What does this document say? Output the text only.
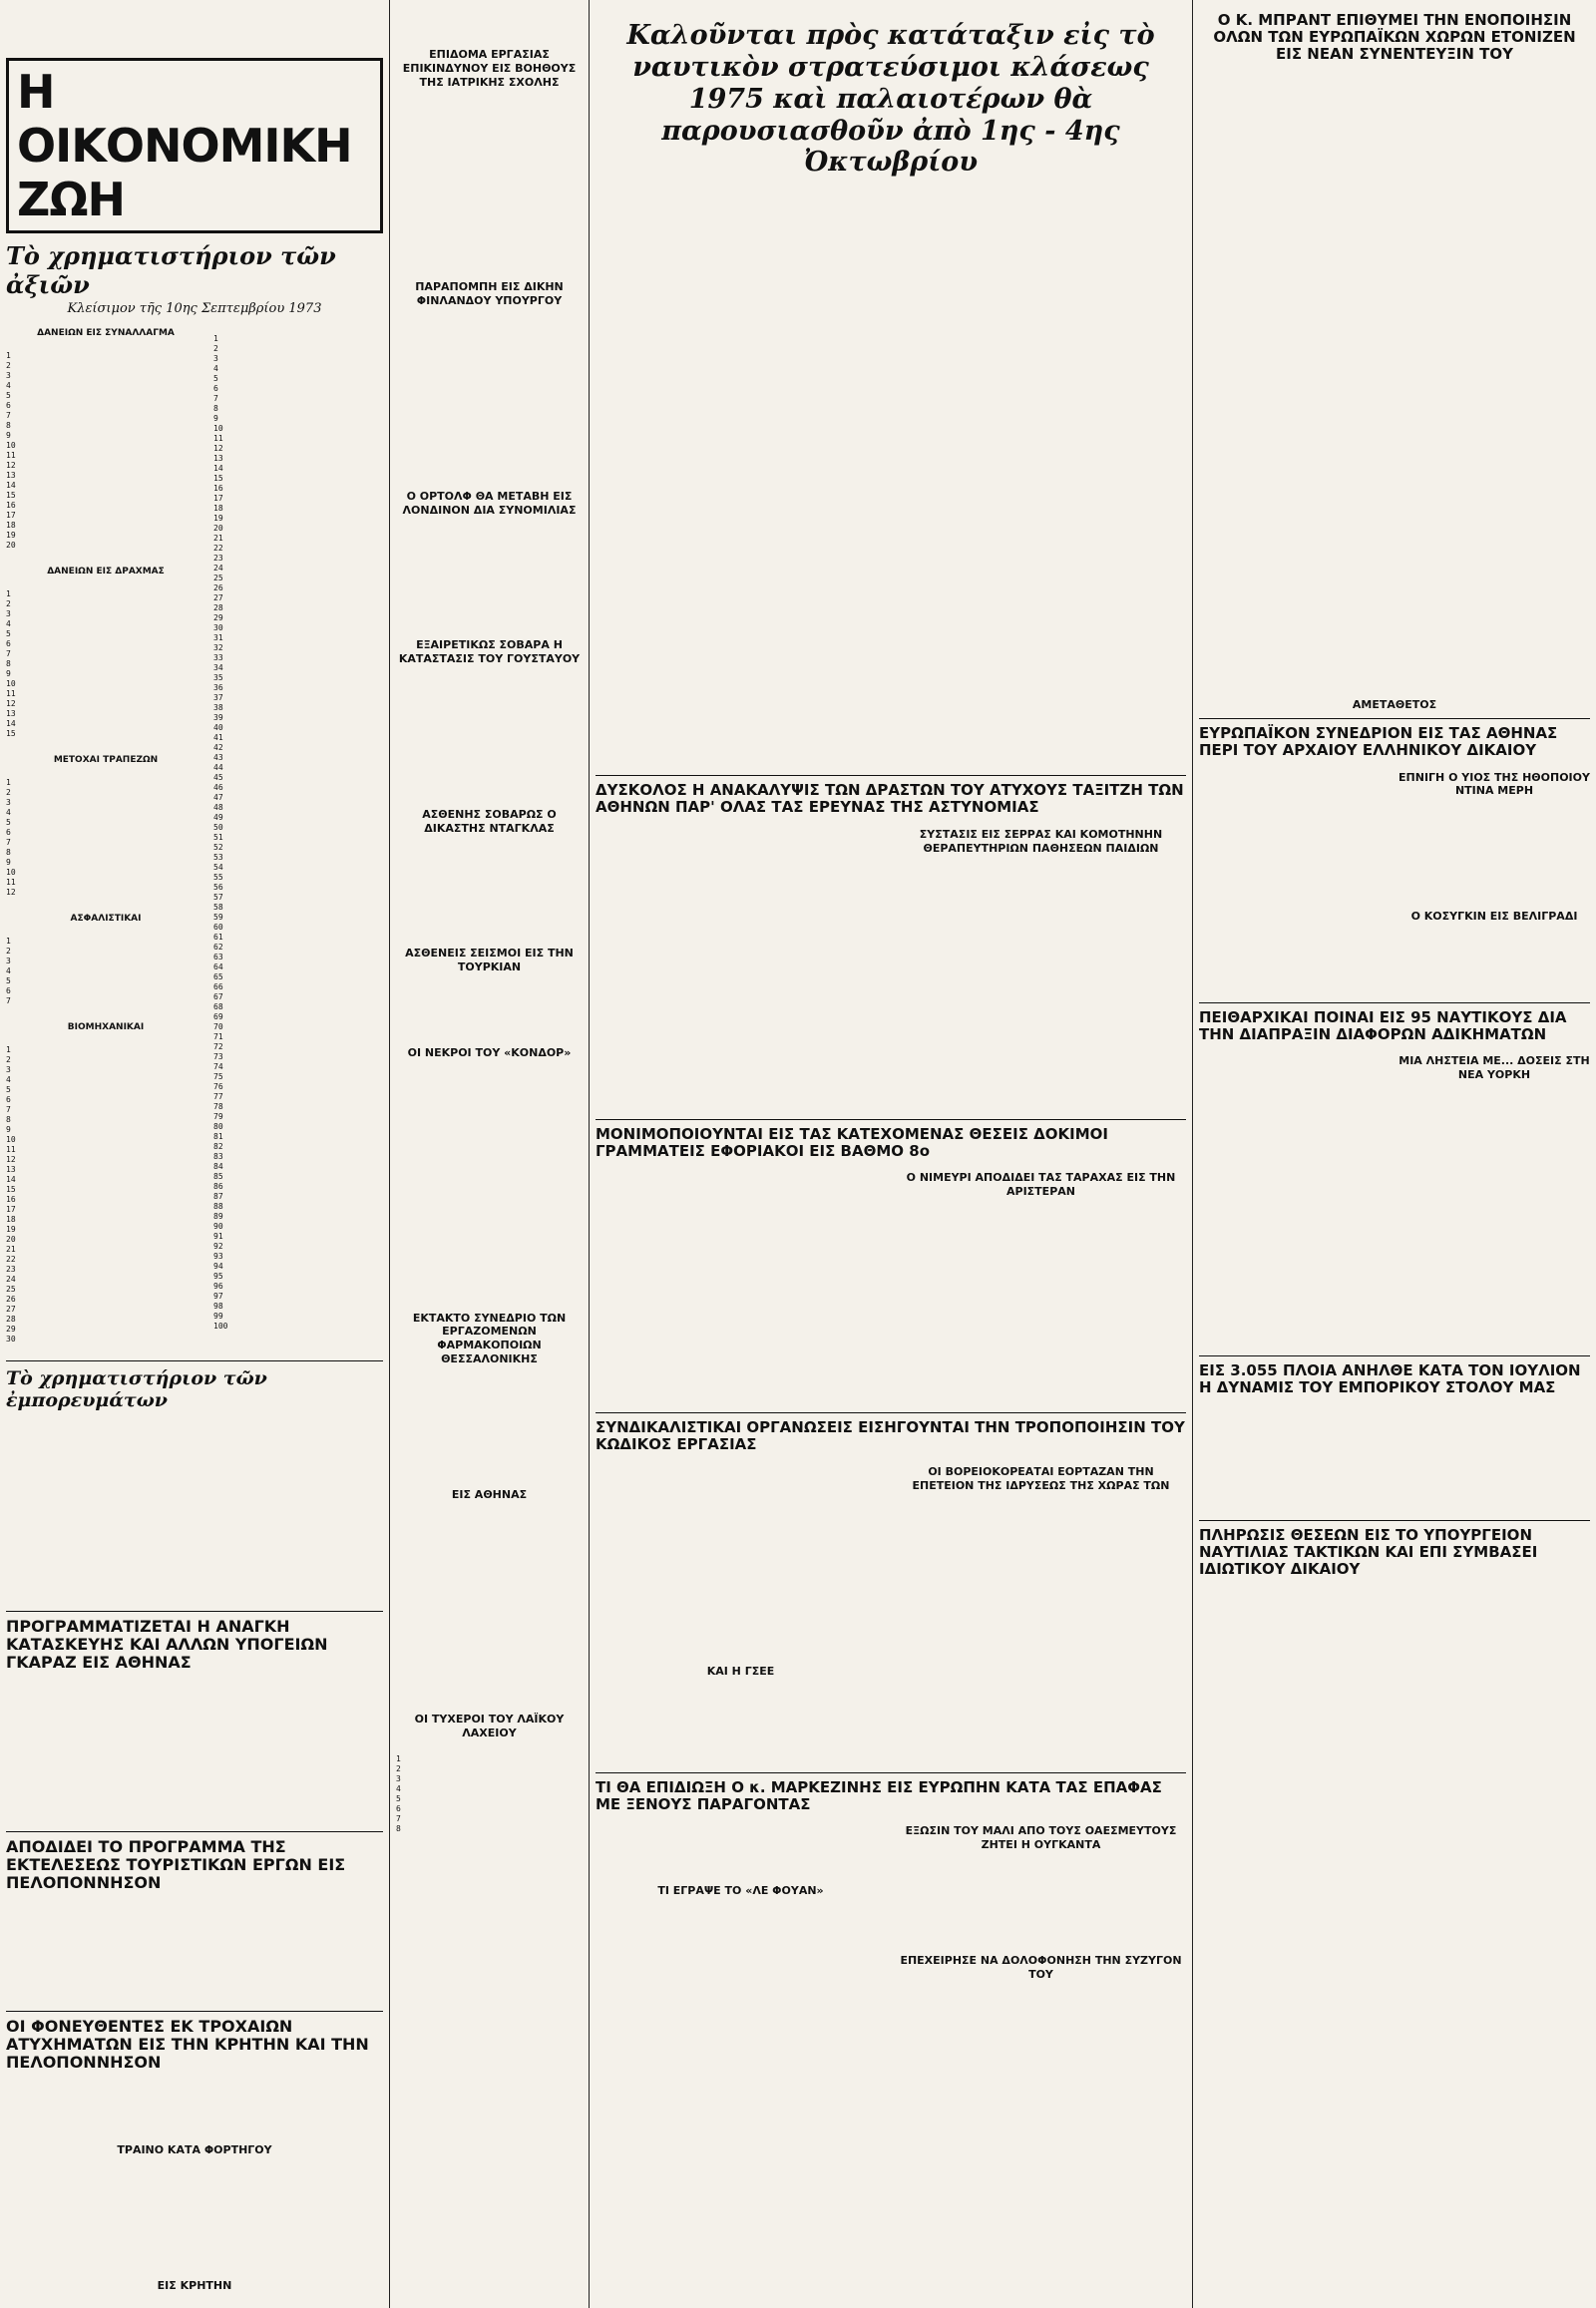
Η ΟΙΚΟΝΟΜΙΚΗ ΖΩΗ
Τὸ χρηματιστήριον τῶν ἀξιῶν
Κλείσιμον τῆς 10ης Σεπτεμβρίου 1973
ΔΑΝΕΙΩΝ ΕΙΣ ΣΥΝΑΛΛΑΓΜΑ

1
2
3
4
5
6
7
8
9
10
11
12
13
14
15
16
17
18
19
20

ΔΑΝΕΙΩΝ ΕΙΣ ΔΡΑΧΜΑΣ

1
2
3
4
5
6
7
8
9
10
11
12
13
14
15

ΜΕΤΟΧΑΙ ΤΡΑΠΕΖΩΝ

1
2
3
4
5
6
7
8
9
10
11
12

ΑΣΦΑΛΙΣΤΙΚΑΙ

1
2
3
4
5
6
7

ΒΙΟΜΗΧΑΝΙΚΑΙ

1
2
3
4
5
6
7
8
9
10
11
12
13
14
15
16
17
18
19
20
21
22
23
24
25
26
27
28
29
30

1
2
3
4
5
6
7
8
9
10
11
12
13
14
15
16
17
18
19
20
21
22
23
24
25
26
27
28
29
30
31
32
33
34
35
36
37
38
39
40
41
42
43
44
45
46
47
48
49
50
51
52
53
54
55
56
57
58
59
60
61
62
63
64
65
66
67
68
69
70
71
72
73
74
75
76
77
78
79
80
81
82
83
84
85
86
87
88
89
90
91
92
93
94
95
96
97
98
99
100

Τὸ χρηματιστήριον τῶν ἐμπορευμάτων
ΠΡΟΓΡΑΜΜΑΤΙΖΕΤΑΙ Η ΑΝΑΓΚΗ ΚΑΤΑΣΚΕΥΗΣ ΚΑΙ ΑΛΛΩΝ ΥΠΟΓΕΙΩΝ ΓΚΑΡΑΖ ΕΙΣ ΑΘΗΝΑΣ
ΑΠΟΔΙΔΕΙ ΤΟ ΠΡΟΓΡΑΜΜΑ ΤΗΣ ΕΚΤΕΛΕΣΕΩΣ ΤΟΥΡΙΣΤΙΚΩΝ ΕΡΓΩΝ ΕΙΣ ΠΕΛΟΠΟΝΝΗΣΟΝ
ΟΙ ΦΟΝΕΥΘΕΝΤΕΣ ΕΚ ΤΡΟΧΑΙΩΝ ΑΤΥΧΗΜΑΤΩΝ ΕΙΣ ΤΗΝ ΚΡΗΤΗΝ ΚΑΙ ΤΗΝ ΠΕΛΟΠΟΝΝΗΣΟΝ
ΤΡΑΙΝΟ ΚΑΤΑ ΦΟΡΤΗΓΟΥ
ΕΙΣ ΚΡΗΤΗΝ
ΕΠΙΔΟΜΑ ΕΡΓΑΣΙΑΣ ΕΠΙΚΙΝΔΥΝΟΥ ΕΙΣ ΒΟΗΘΟΥΣ ΤΗΣ ΙΑΤΡΙΚΗΣ ΣΧΟΛΗΣ
ΠΑΡΑΠΟΜΠΗ ΕΙΣ ΔΙΚΗΝ ΦΙΝΛΑΝΔΟΥ ΥΠΟΥΡΓΟΥ
Ο ΟΡΤΟΛΦ ΘΑ ΜΕΤΑΒΗ ΕΙΣ ΛΟΝΔΙΝΟΝ ΔΙΑ ΣΥΝΟΜΙΛΙΑΣ
ΕΞΑΙΡΕΤΙΚΩΣ ΣΟΒΑΡΑ Η ΚΑΤΑΣΤΑΣΙΣ ΤΟΥ ΓΟΥΣΤΑΥΟΥ
ΑΣΘΕΝΗΣ ΣΟΒΑΡΩΣ Ο ΔΙΚΑΣΤΗΣ ΝΤΑΓΚΛΑΣ
ΑΣΘΕΝΕΙΣ ΣΕΙΣΜΟΙ ΕΙΣ ΤΗΝ ΤΟΥΡΚΙΑΝ
ΟΙ ΝΕΚΡΟΙ ΤΟΥ «ΚΟΝΔΟΡ»
ΕΚΤΑΚΤΟ ΣΥΝΕΔΡΙΟ ΤΩΝ ΕΡΓΑΖΟΜΕΝΩΝ ΦΑΡΜΑΚΟΠΟΙΩΝ ΘΕΣΣΑΛΟΝΙΚΗΣ
ΕΙΣ ΑΘΗΝΑΣ
ΟΙ ΤΥΧΕΡΟΙ ΤΟΥ ΛΑΪΚΟΥ ΛΑΧΕΙΟΥ

1
2
3
4
5
6
7
8

Καλοῦνται πρὸς κατάταξιν εἰς τὸ ναυτικὸν στρατεύσιμοι κλάσεως 1975 καὶ παλαιοτέρων θὰ παρουσιασθοῦν ἀπὸ 1ης - 4ης Ὀκτωβρίου
ΔΥΣΚΟΛΟΣ Η ΑΝΑΚΑΛΥΨΙΣ ΤΩΝ ΔΡΑΣΤΩΝ ΤΟΥ ΑΤΥΧΟΥΣ ΤΑΞΙΤΖΗ ΤΩΝ ΑΘΗΝΩΝ ΠΑΡ' ΟΛΑΣ ΤΑΣ ΕΡΕΥΝΑΣ ΤΗΣ ΑΣΤΥΝΟΜΙΑΣ
ΣΥΣΤΑΣΙΣ ΕΙΣ ΣΕΡΡΑΣ ΚΑΙ ΚΟΜΟΤΗΝΗΝ ΘΕΡΑΠΕΥΤΗΡΙΩΝ ΠΑΘΗΣΕΩΝ ΠΑΙΔΙΩΝ
ΜΟΝΙΜΟΠΟΙΟΥΝΤΑΙ ΕΙΣ ΤΑΣ ΚΑΤΕΧΟΜΕΝΑΣ ΘΕΣΕΙΣ ΔΟΚΙΜΟΙ ΓΡΑΜΜΑΤΕΙΣ ΕΦΟΡΙΑΚΟΙ ΕΙΣ ΒΑΘΜΟ 8ο
Ο ΝΙΜΕΥΡΙ ΑΠΟΔΙΔΕΙ ΤΑΣ ΤΑΡΑΧΑΣ ΕΙΣ ΤΗΝ ΑΡΙΣΤΕΡΑΝ
ΣΥΝΔΙΚΑΛΙΣΤΙΚΑΙ ΟΡΓΑΝΩΣΕΙΣ ΕΙΣΗΓΟΥΝΤΑΙ ΤΗΝ ΤΡΟΠΟΠΟΙΗΣΙΝ ΤΟΥ ΚΩΔΙΚΟΣ ΕΡΓΑΣΙΑΣ
ΚΑΙ Η ΓΣΕΕ
ΟΙ ΒΟΡΕΙΟΚΟΡΕΑΤΑΙ ΕΟΡΤΑΖΑΝ ΤΗΝ ΕΠΕΤΕΙΟΝ ΤΗΣ ΙΔΡΥΣΕΩΣ ΤΗΣ ΧΩΡΑΣ ΤΩΝ
ΤΙ ΘΑ ΕΠΙΔΙΩΞΗ Ο κ. ΜΑΡΚΕΖΙΝΗΣ ΕΙΣ ΕΥΡΩΠΗΝ ΚΑΤΑ ΤΑΣ ΕΠΑΦΑΣ ΜΕ ΞΕΝΟΥΣ ΠΑΡΑΓΟΝΤΑΣ
ΤΙ ΕΓΡΑΨΕ ΤΟ «ΛΕ ΦΟΥΑΝ»
ΕΞΩΣΙΝ ΤΟΥ ΜΑΛΙ ΑΠΟ ΤΟΥΣ ΟΑΕΣΜΕΥΤΟΥΣ ΖΗΤΕΙ Η ΟΥΓΚΑΝΤΑ
ΕΠΕΧΕΙΡΗΣΕ ΝΑ ΔΟΛΟΦΟΝΗΣΗ ΤΗΝ ΣΥΖΥΓΟΝ ΤΟΥ
Ο Κ. ΜΠΡΑΝΤ ΕΠΙΘΥΜΕΙ ΤΗΝ ΕΝΟΠΟΙΗΣΙΝ ΟΛΩΝ ΤΩΝ ΕΥΡΩΠΑΪΚΩΝ ΧΩΡΩΝ ΕΤΟΝΙΖΕΝ ΕΙΣ ΝΕΑΝ ΣΥΝΕΝΤΕΥΞΙΝ ΤΟΥ
ΑΜΕΤΑΘΕΤΟΣ
ΕΥΡΩΠΑΪΚΟΝ ΣΥΝΕΔΡΙΟΝ ΕΙΣ ΤΑΣ ΑΘΗΝΑΣ ΠΕΡΙ ΤΟΥ ΑΡΧΑΙΟΥ ΕΛΛΗΝΙΚΟΥ ΔΙΚΑΙΟΥ
ΕΠΝΙΓΗ Ο ΥΙΟΣ ΤΗΣ ΗΘΟΠΟΙΟΥ ΝΤΙΝΑ ΜΕΡΗ
Ο ΚΟΣΥΓΚΙΝ ΕΙΣ ΒΕΛΙΓΡΑΔΙ
ΠΕΙΘΑΡΧΙΚΑΙ ΠΟΙΝΑΙ ΕΙΣ 95 ΝΑΥΤΙΚΟΥΣ ΔΙΑ ΤΗΝ ΔΙΑΠΡΑΞΙΝ ΔΙΑΦΟΡΩΝ ΑΔΙΚΗΜΑΤΩΝ
ΜΙΑ ΛΗΣΤΕΙΑ ΜΕ... ΔΟΣΕΙΣ ΣΤΗ ΝΕΑ ΥΟΡΚΗ
ΕΙΣ 3.055 ΠΛΟΙΑ ΑΝΗΛΘΕ ΚΑΤΑ ΤΟΝ ΙΟΥΛΙΟΝ Η ΔΥΝΑΜΙΣ ΤΟΥ ΕΜΠΟΡΙΚΟΥ ΣΤΟΛΟΥ ΜΑΣ
ΠΛΗΡΩΣΙΣ ΘΕΣΕΩΝ ΕΙΣ ΤΟ ΥΠΟΥΡΓΕΙΟΝ ΝΑΥΤΙΛΙΑΣ ΤΑΚΤΙΚΩΝ ΚΑΙ ΕΠΙ ΣΥΜΒΑΣΕΙ ΙΔΙΩΤΙΚΟΥ ΔΙΚΑΙΟΥ
